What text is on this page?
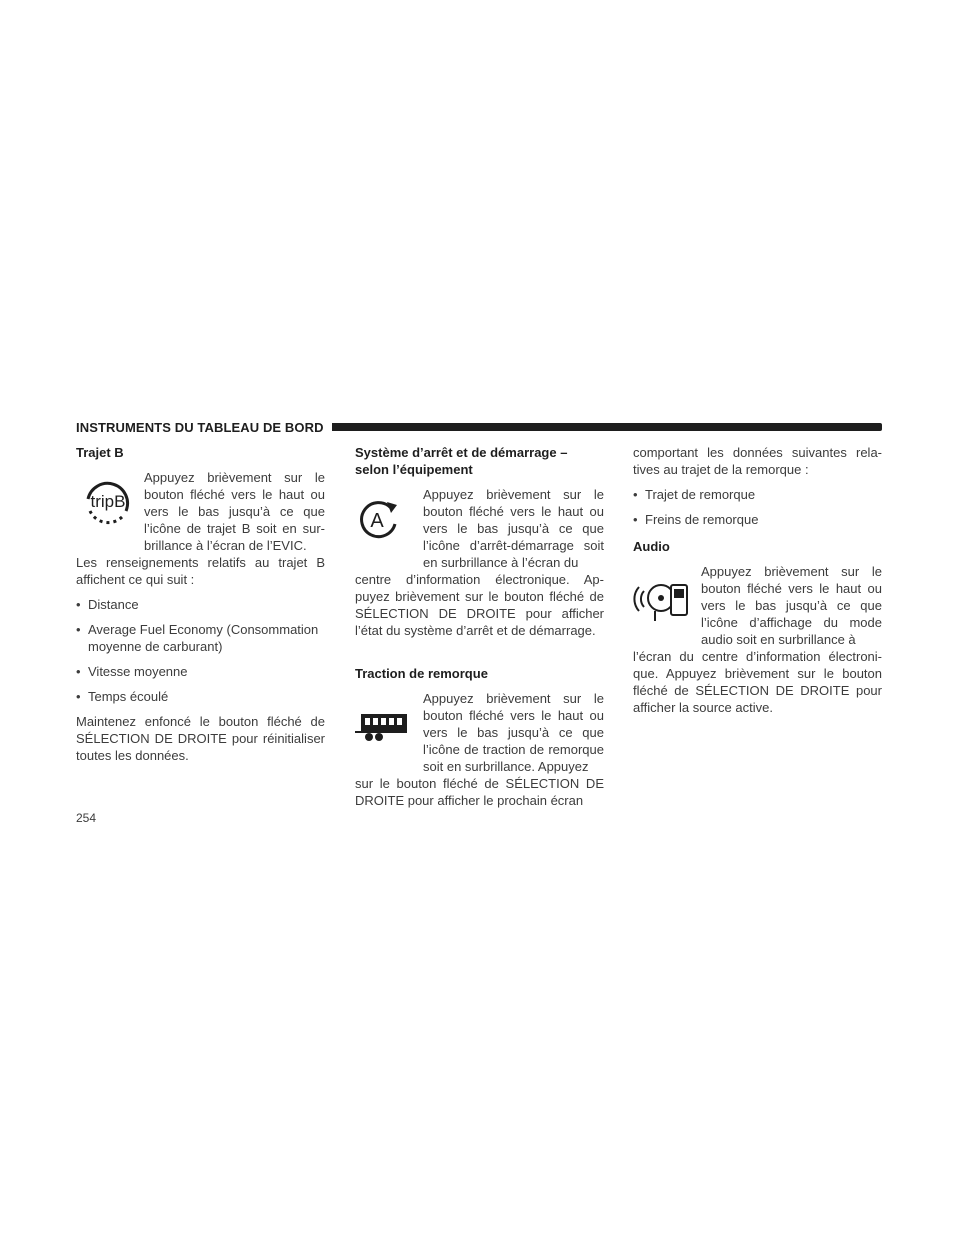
INSTRUMENTS DU TABLEAU DE BORD

Trajet B

tripB

Appuyez brièvement sur le bouton fléché vers le haut ou vers le bas jusqu’à ce que l’icône de trajet B soit en sur-brillance à l’écran de l’EVIC.

Les renseignements relatifs au trajet B affichent ce qui suit :

• Distance
• Average Fuel Economy (Consommation moyenne de carburant)
• Vitesse moyenne
• Temps écoulé

Maintenez enfoncé le bouton fléché de SÉLECTION DE DROITE pour réinitialiser toutes les données.

Système d’arrêt et de démarrage –

selon l’équipement

A

Appuyez brièvement sur le bouton fléché vers le haut ou vers le bas jusqu’à ce que l’icône d’arrêt-démarrage soit en surbrillance à l’écran du

centre d’information électronique. Ap-puyez brièvement sur le bouton fléché de SÉLECTION DE DROITE pour afficher l’état du système d’arrêt et de démarrage.

Traction de remorque

Appuyez brièvement sur le bouton fléché vers le haut ou vers le bas jusqu’à ce que l’icône de traction de remorque soit en surbrillance. Appuyez

sur le bouton fléché de SÉLECTION DE DROITE pour afficher le prochain écran

comportant les données suivantes rela-tives au trajet de la remorque :

• Trajet de remorque
• Freins de remorque

Audio

Appuyez brièvement sur le bouton fléché vers le haut ou vers le bas jusqu’à ce que l’icône d’affichage du mode audio soit en surbrillance à

l’écran du centre d’information électroni-que. Appuyez brièvement sur le bouton fléché de SÉLECTION DE DROITE pour afficher la source active.

254
